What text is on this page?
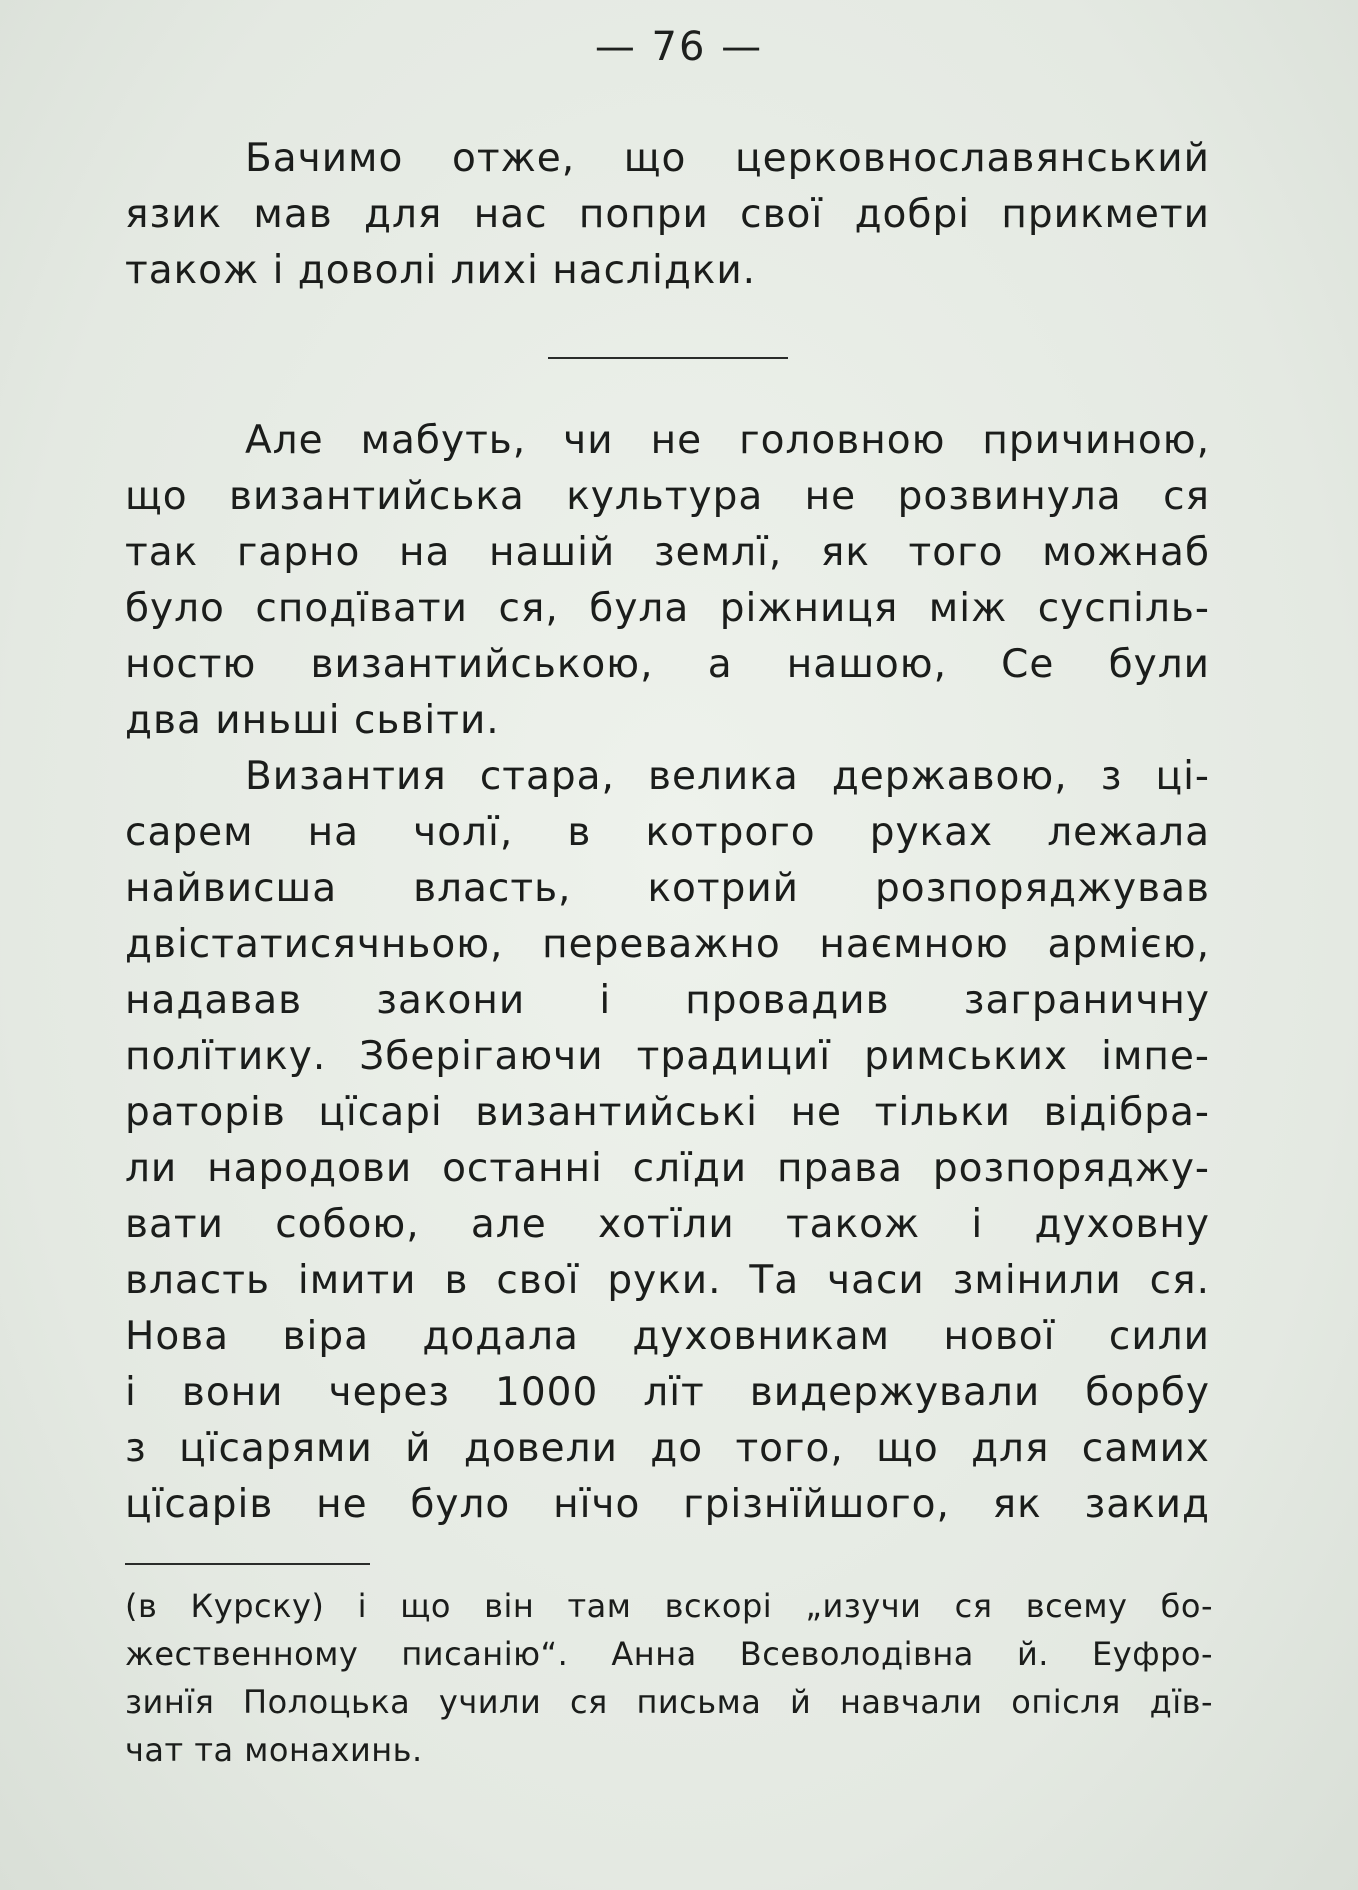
— 76 —
Бачимо отже, що церковнославянський
язик мав для нас попри свої добрі прикмети
також і доволі лихі наслідки.
Але мабуть, чи не головною причиною,
що византийська культура не розвинула ся
так гарно на нашій землї, як того можнаб
було сподївати ся, була ріжниця між суспіль-
ностю византийською, а нашою, Се були
два иньші сьвіти.
Византия стара, велика державою, з ці-
сарем на чолї, в котрого руках лежала
найвисша власть, котрий розпоряджував
двістатисячньою, переважно наємною армією,
надавав закони і провадив заграничну
полїтику. Зберігаючи традициї римських імпе-
раторів цїсарі византийські не тільки відібра-
ли народови останні слїди права розпоряджу-
вати собою, але хотїли також і духовну
власть імити в свої руки. Та часи змінили ся.
Нова віра додала духовникам нової сили
і вони через 1000 лїт видержували борбу
з цїсарями й довели до того, що для самих
цїсарів не було нїчо грізнїйшого, як закид
(в Курску) і що він там вскорі „изучи ся всему бо-
жественному писанію“. Анна Всеволодівна й. Еуфро-
зинїя Полоцька учили ся письма й навчали опісля дїв-
чат та монахинь.
